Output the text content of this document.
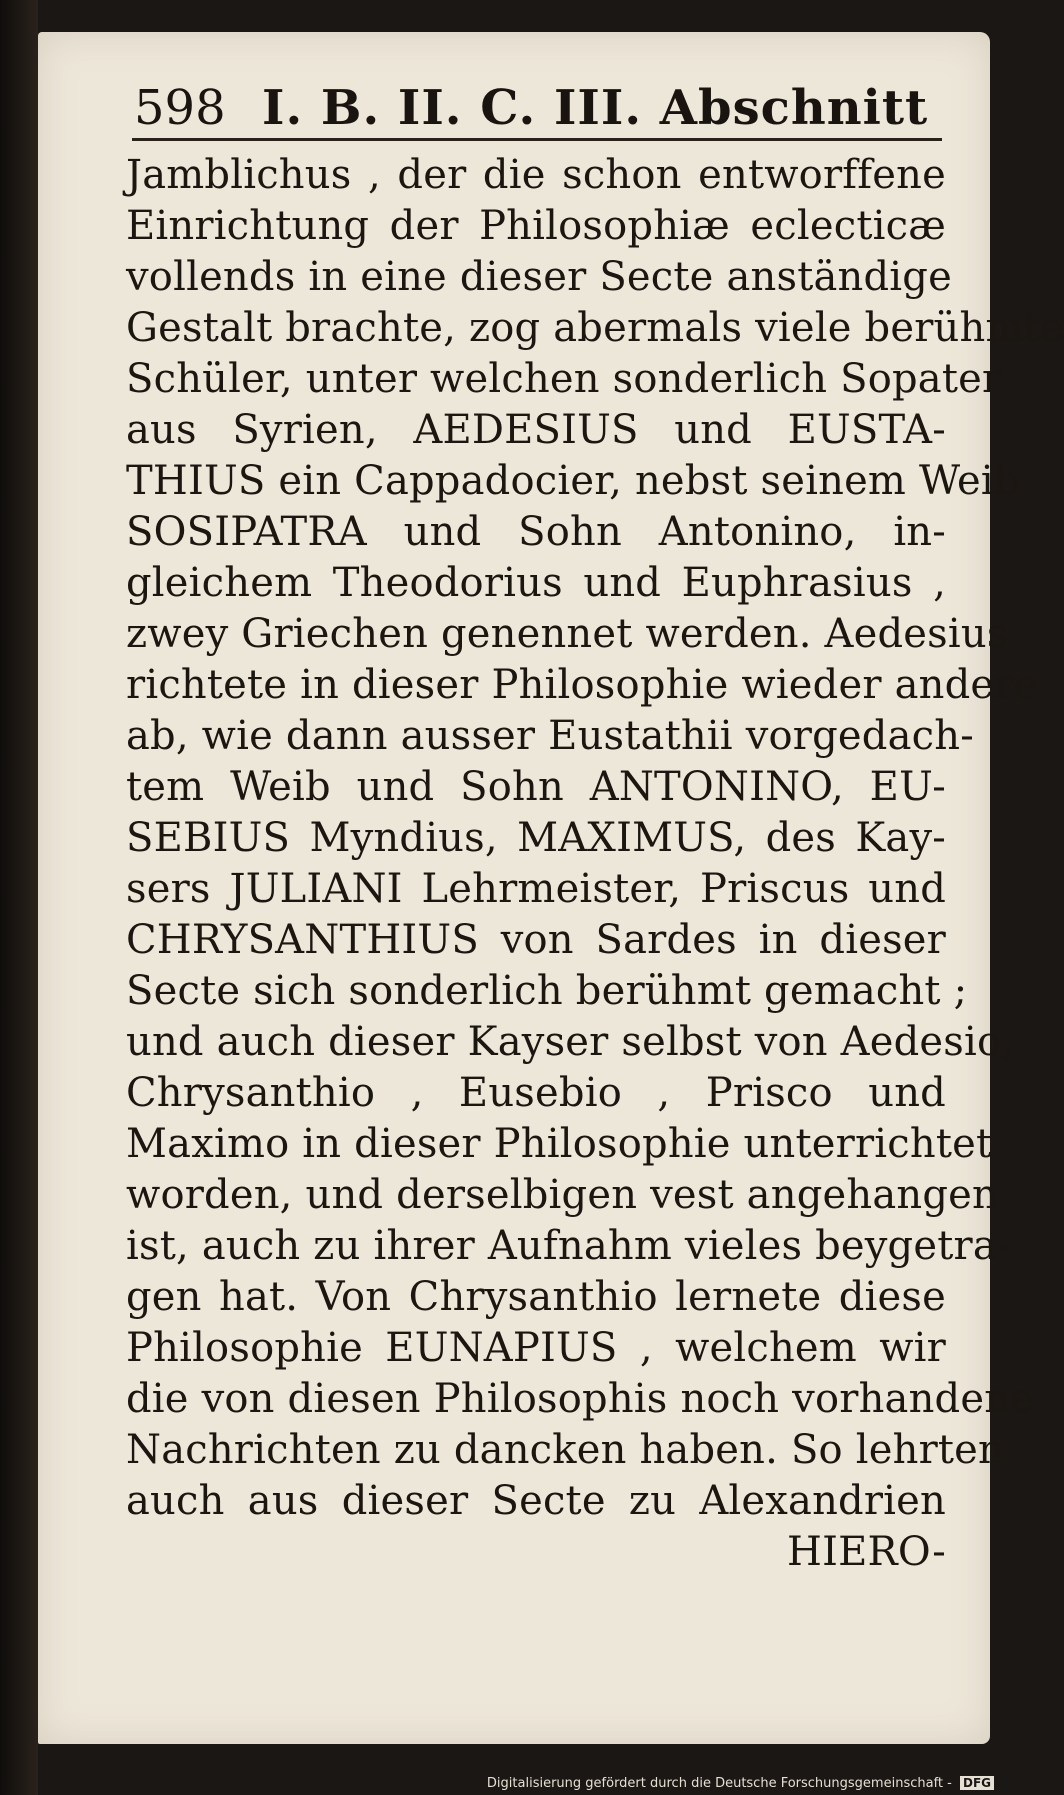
598 I. B. II. C. III. Abschnitt
Jamblichus , der die schon entworffene
Einrichtung der Philosophiæ eclecticæ
vollends in eine dieser Secte anständige
Gestalt brachte, zog abermals viele berühmte
Schüler, unter welchen sonderlich Sopater
aus Syrien, AEDESIUS und EUSTA-
THIUS ein Cappadocier, nebst seinem Weib
SOSIPATRA und Sohn Antonino, in-
gleichem Theodorius und Euphrasius ,
zwey Griechen genennet werden. Aedesius
richtete in dieser Philosophie wieder andere
ab, wie dann ausser Eustathii vorgedach-
tem Weib und Sohn ANTONINO, EU-
SEBIUS Myndius, MAXIMUS, des Kay-
sers JULIANI Lehrmeister, Priscus und
CHRYSANTHIUS von Sardes in dieser
Secte sich sonderlich berühmt gemacht ;
und auch dieser Kayser selbst von Aedesio,
Chrysanthio , Eusebio , Prisco und
Maximo in dieser Philosophie unterrichtet
worden, und derselbigen vest angehangen
ist, auch zu ihrer Aufnahm vieles beygetra-
gen hat. Von Chrysanthio lernete diese
Philosophie EUNAPIUS , welchem wir
die von diesen Philosophis noch vorhandene
Nachrichten zu dancken haben. So lehrten
auch aus dieser Secte zu Alexandrien
HIERO-
Digitalisierung gefördert durch die Deutsche Forschungsgemeinschaft - DFG
